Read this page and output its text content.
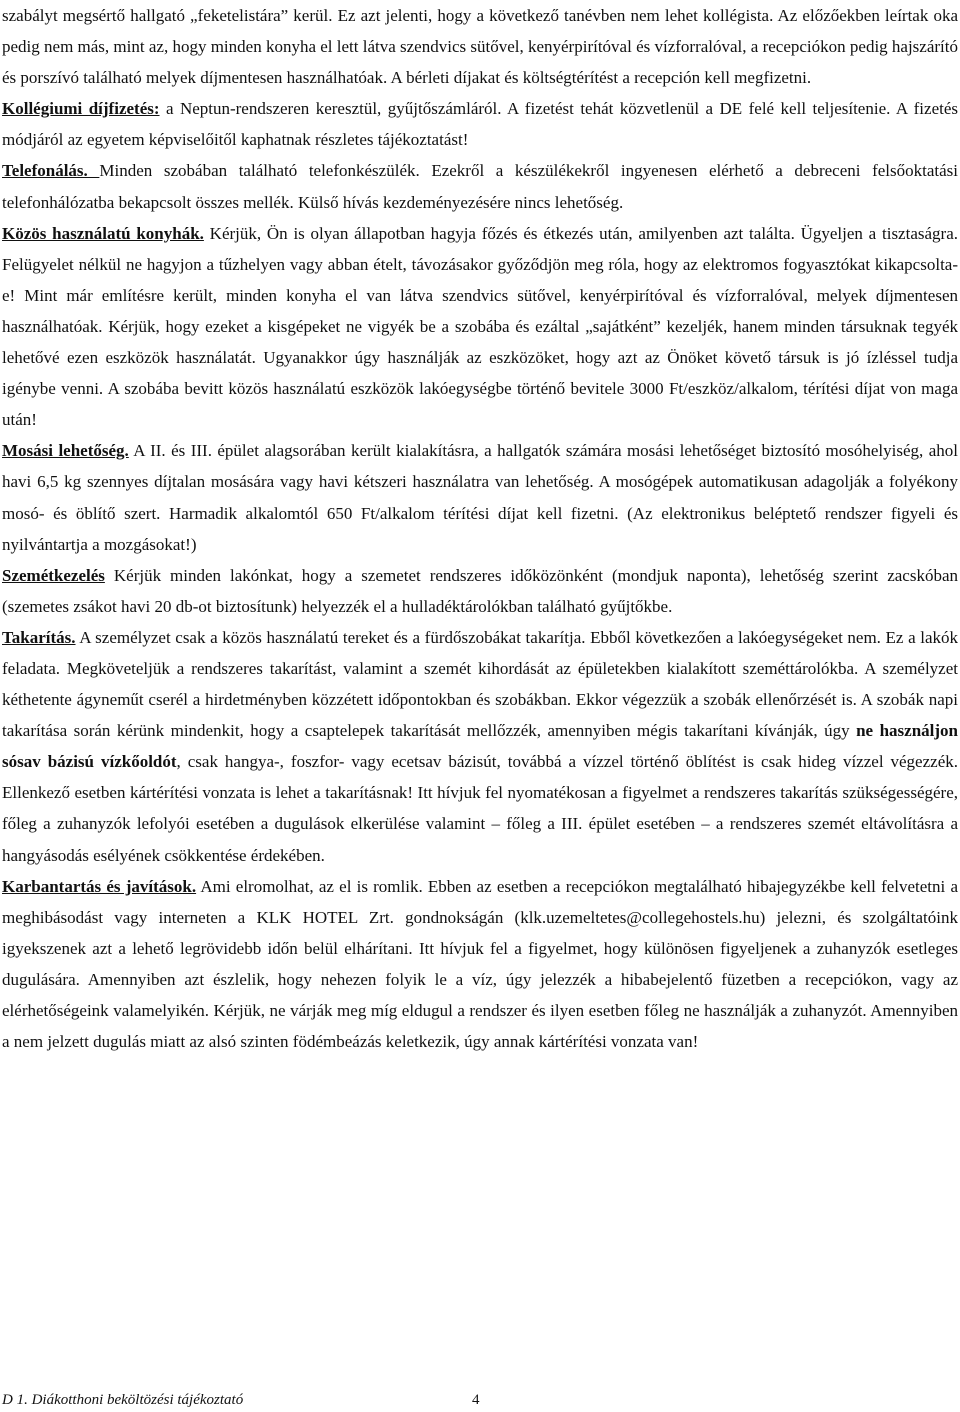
szabályt megsértő hallgató „feketelistára” kerül. Ez azt jelenti, hogy a következő tanévben nem lehet kollégista. Az előzőekben leírtak oka pedig nem más, mint az, hogy minden konyha el lett látva szendvics sütővel, kenyérpirítóval és vízforralóval, a recepciókon pedig hajszárító és porszívó található melyek díjmentesen használhatóak. A bérleti díjakat és költségtérítést a recepción kell megfizetni.

Kollégiumi díjfizetés: a Neptun-rendszeren keresztül, gyűjtőszámláról. A fizetést tehát közvetlenül a DE felé kell teljesítenie. A fizetés módjáról az egyetem képviselőitől kaphatnak részletes tájékoztatást!

Telefonálás. Minden szobában található telefonkészülék. Ezekről a készülékekről ingyenesen elérhető a debreceni felsőoktatási telefonhálózatba bekapcsolt összes mellék. Külső hívás kezdeményezésére nincs lehetőség.

Közös használatú konyhák. Kérjük, Ön is olyan állapotban hagyja főzés és étkezés után, amilyenben azt találta. Ügyeljen a tisztaságra. Felügyelet nélkül ne hagyjon a tűzhelyen vagy abban ételt, távozásakor győződjön meg róla, hogy az elektromos fogyasztókat kikapcsolta-e! Mint már említésre került, minden konyha el van látva szendvics sütővel, kenyérpirítóval és vízforralóval, melyek díjmentesen használhatóak. Kérjük, hogy ezeket a kisgépeket ne vigyék be a szobába és ezáltal „sajátként” kezeljék, hanem minden társuknak tegyék lehetővé ezen eszközök használatát. Ugyanakkor úgy használják az eszközöket, hogy azt az Önöket követő társuk is jó ízléssel tudja igénybe venni. A szobába bevitt közös használatú eszközök lakóegységbe történő bevitele 3000 Ft/eszköz/alkalom, térítési díjat von maga után!

Mosási lehetőség. A II. és III. épület alagsorában került kialakításra, a hallgatók számára mosási lehetőséget biztosító mosóhelyiség, ahol havi 6,5 kg szennyes díjtalan mosására vagy havi kétszeri használatra van lehetőség. A mosógépek automatikusan adagolják a folyékony mosó- és öblítő szert. Harmadik alkalomtól 650 Ft/alkalom térítési díjat kell fizetni. (Az elektronikus beléptető rendszer figyeli és nyilvántartja a mozgásokat!)

Szemétkezelés Kérjük minden lakónkat, hogy a szemetet rendszeres időközönként (mondjuk naponta), lehetőség szerint zacskóban (szemetes zsákot havi 20 db-ot biztosítunk) helyezzék el a hulladéktárolókban található gyűjtőkbe.

Takarítás. A személyzet csak a közös használatú tereket és a fürdőszobákat takarítja. Ebből következően a lakóegységeket nem. Ez a lakók feladata. Megköveteljük a rendszeres takarítást, valamint a szemét kihordását az épületekben kialakított szeméttárolókba. A személyzet kéthetente ágyneműt cserél a hirdetményben közzétett időpontokban és szobákban. Ekkor végezzük a szobák ellenőrzését is. A szobák napi takarítása során kérünk mindenkit, hogy a csaptelepek takarítását mellőzzék, amennyiben mégis takarítani kívánják, úgy ne használjon sósav bázisú vízkőoldót, csak hangya-, foszfor- vagy ecetsav bázisút, továbbá a vízzel történő öblítést is csak hideg vízzel végezzék. Ellenkező esetben kártérítési vonzata is lehet a takarításnak! Itt hívjuk fel nyomatékosan a figyelmet a rendszeres takarítás szükségességére, főleg a zuhanyzók lefolyói esetében a dugulások elkerülése valamint – főleg a III. épület esetében – a rendszeres szemét eltávolításra a hangyásodás esélyének csökkentése érdekében.

Karbantartás és javítások. Ami elromolhat, az el is romlik. Ebben az esetben a recepciókon megtalálható hibajegyzékbe kell felvetetni a meghibásodást vagy interneten a KLK HOTEL Zrt. gondnokságán (klk.uzemeltetes@collegehostels.hu) jelezni, és szolgáltatóink igyekszenek azt a lehető legrövidebb időn belül elhárítani. Itt hívjuk fel a figyelmet, hogy különösen figyeljenek a zuhanyzók esetleges dugulására. Amennyiben azt észlelik, hogy nehezen folyik le a víz, úgy jelezzék a hibabejelentő füzetben a recepciókon, vagy az elérhetőségeink valamelyikén. Kérjük, ne várják meg míg eldugul a rendszer és ilyen esetben főleg ne használják a zuhanyzót. Amennyiben a nem jelzett dugulás miatt az alsó szinten födémbeázás keletkezik, úgy annak kártérítési vonzata van!

D 1. Diákotthoni beköltözési tájékoztató	4
